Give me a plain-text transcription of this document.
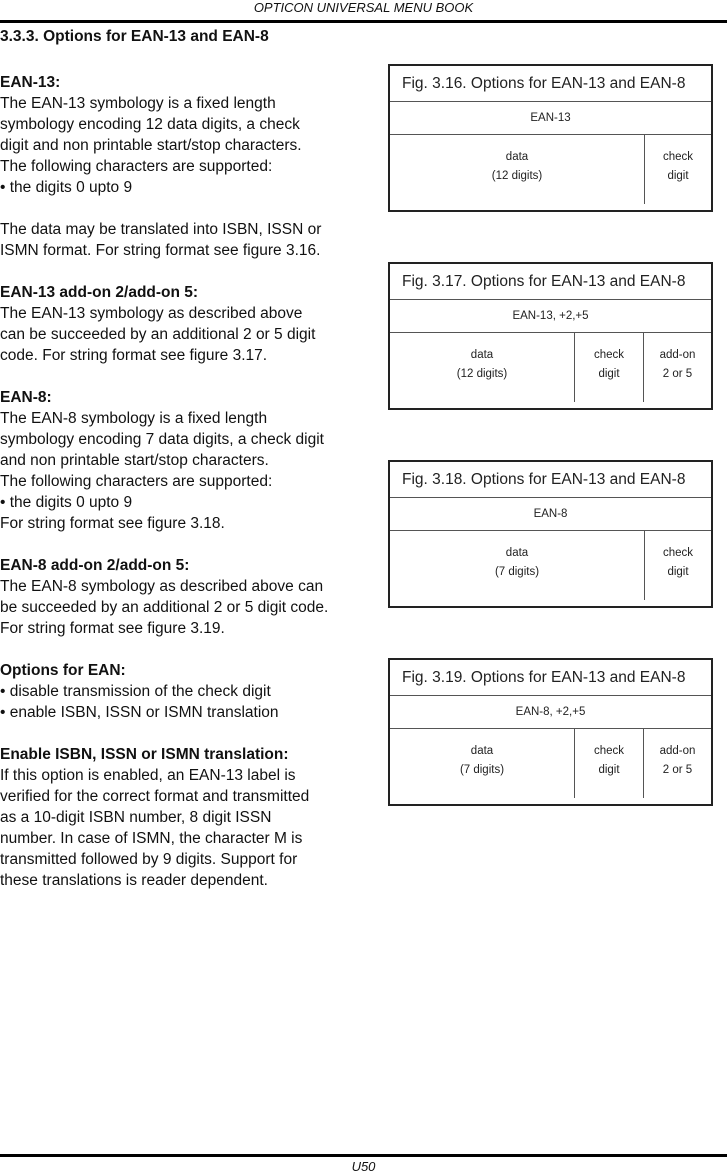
OPTICON UNIVERSAL MENU BOOK
3.3.3. Options for EAN-13 and EAN-8
EAN-13:
The EAN-13 symbology is a fixed length
symbology encoding 12 data digits, a check
digit and non printable start/stop characters.
The following characters are supported:
• the digits 0 upto 9
The data may be translated into ISBN, ISSN or
ISMN format. For string format see figure 3.16.
EAN-13 add-on 2/add-on 5:
The EAN-13 symbology as described above
can be succeeded by an additional 2 or 5 digit
code. For string format see figure 3.17.
EAN-8:
The EAN-8 symbology is a fixed length
symbology encoding 7 data digits, a check digit
and non printable start/stop characters.
The following characters are supported:
• the digits 0 upto 9
For string format see figure 3.18.
EAN-8 add-on 2/add-on 5:
The EAN-8 symbology as described above can
be succeeded by an additional 2 or 5 digit code.
For string format see figure 3.19.
Options for EAN:
• disable transmission of the check digit
• enable ISBN, ISSN or ISMN translation
Enable ISBN, ISSN or ISMN translation:
If this option is enabled, an EAN-13 label is
verified for the correct format and transmitted
as a 10-digit ISBN number, 8 digit ISSN
number. In case of ISMN, the character M is
transmitted followed by 9 digits. Support for
these translations is reader dependent.
Fig. 3.16. Options for EAN-13 and EAN-8
EAN-13
data
(12 digits)
check
digit
Fig. 3.17. Options for EAN-13 and EAN-8
EAN-13, +2,+5
data
(12 digits)
check
digit
add-on
2 or 5
Fig. 3.18. Options for EAN-13 and EAN-8
EAN-8
data
(7 digits)
check
digit
Fig. 3.19. Options for EAN-13 and EAN-8
EAN-8, +2,+5
data
(7 digits)
check
digit
add-on
2 or 5
U50
